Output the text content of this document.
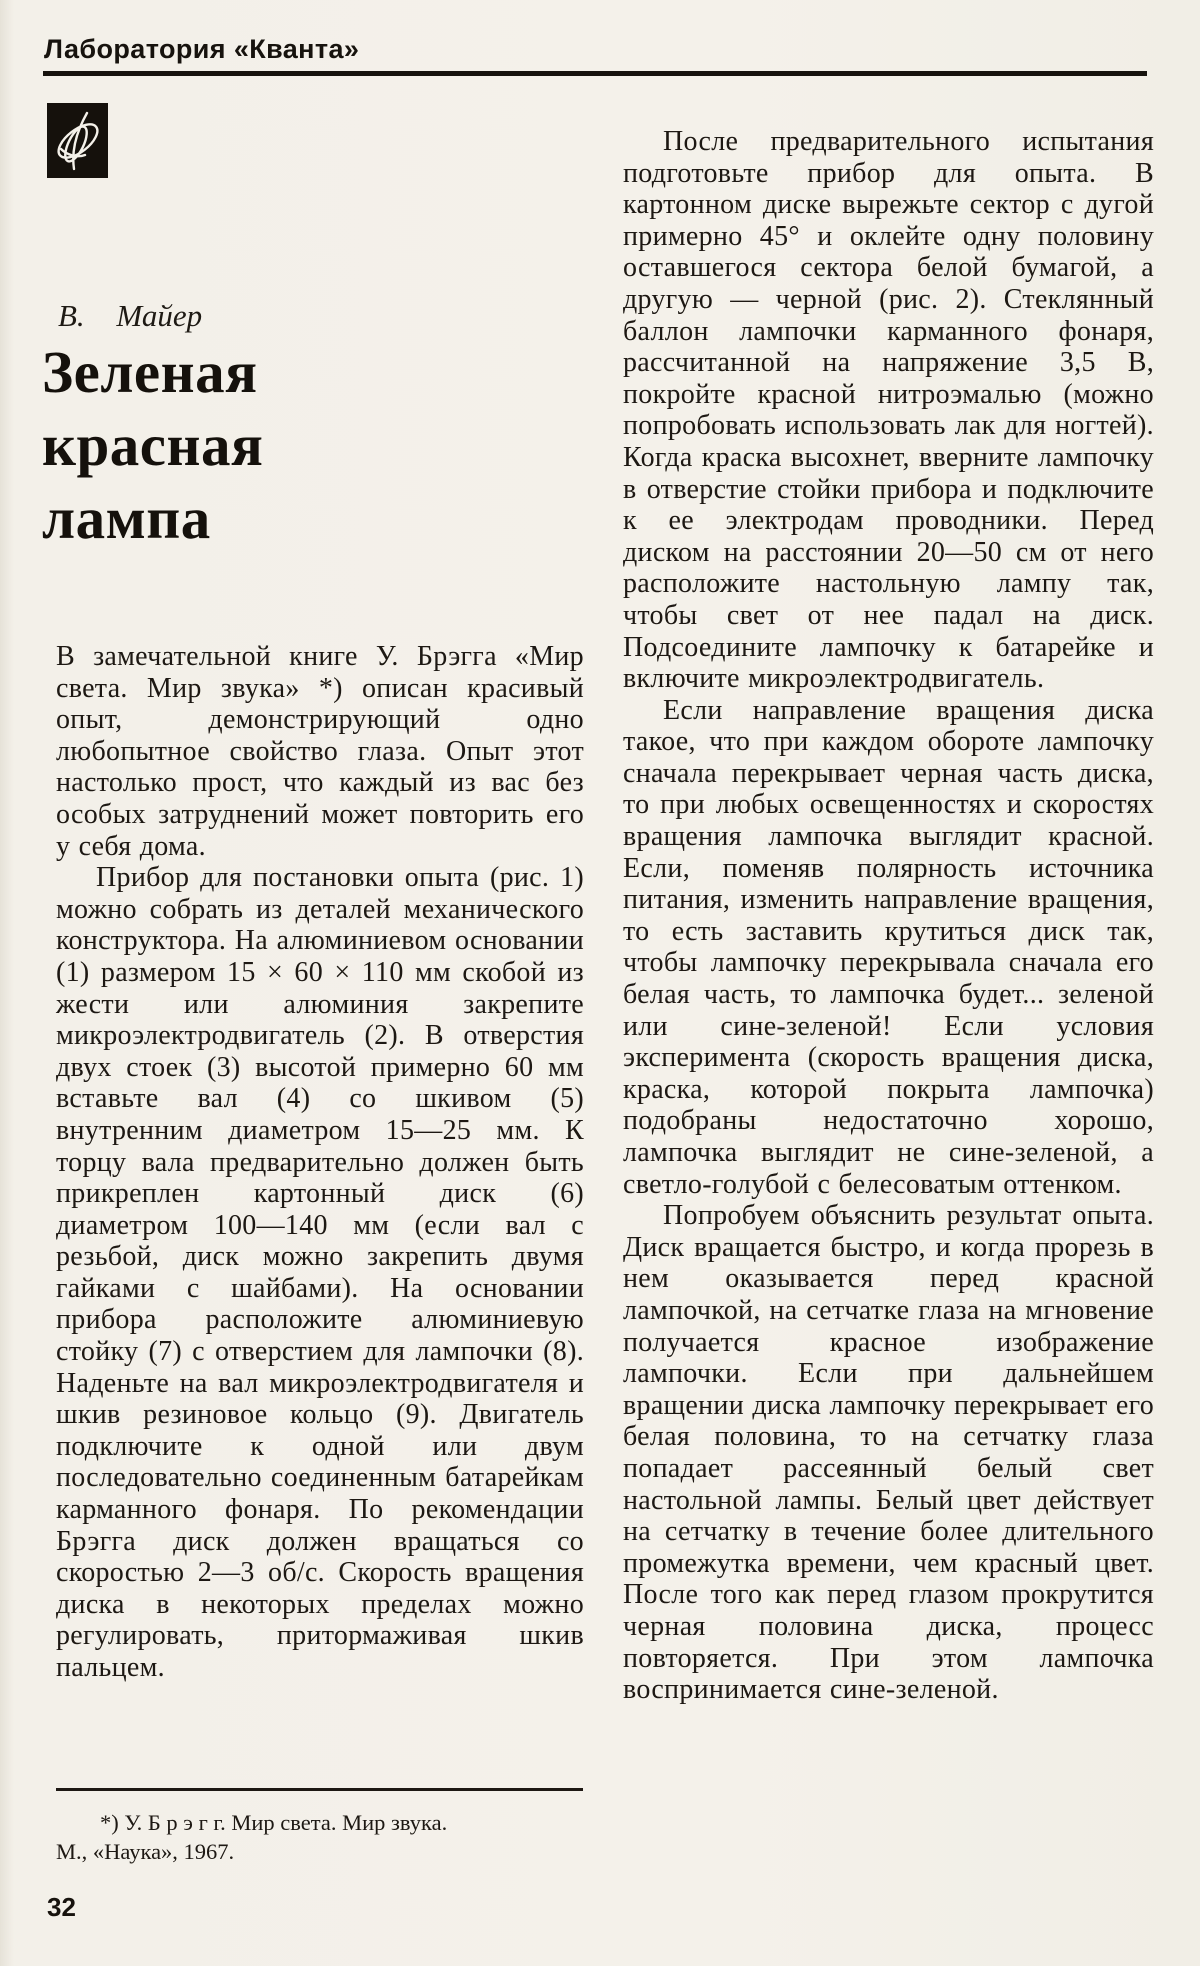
Лаборатория «Кванта»
В. Майер
Зеленая
красная
лампа

В замечательной книге У. Брэгга «Мир света. Мир звука» *) описан красивый опыт, демонстрирующий одно любопытное свойство глаза. Опыт этот настолько прост, что каждый из вас без особых затруднений может повторить его у себя дома.

Прибор для постановки опыта (рис. 1) можно собрать из деталей механического конструктора. На алюминиевом основании (1) размером 15 × 60 × 110 мм скобой из жести или алюминия закрепите микроэлектродвигатель (2). В отверстия двух стоек (3) высотой примерно 60 мм вставьте вал (4) со шкивом (5) внутренним диаметром 15—25 мм. К торцу вала предварительно должен быть прикреплен картонный диск (6) диаметром 100—140 мм (если вал с резьбой, диск можно закрепить двумя гайками с шайбами). На основании прибора расположите алюминиевую стойку (7) с отверстием для лампочки (8). Наденьте на вал микроэлектродвигателя и шкив резиновое кольцо (9). Двигатель подключите к одной или двум последовательно соединенным батарейкам карманного фонаря. По рекомендации Брэгга диск должен вращаться со скоростью 2—3 об/с. Скорость вращения диска в некоторых пределах можно регулировать, притормаживая шкив пальцем.

После предварительного испытания подготовьте прибор для опыта. В картонном диске вырежьте сектор с дугой примерно 45° и оклейте одну половину оставшегося сектора белой бумагой, а другую — черной (рис. 2). Стеклянный баллон лампочки карманного фонаря, рассчитанной на напряжение 3,5 В, покройте красной нитроэмалью (можно попробовать использовать лак для ногтей). Когда краска высохнет, вверните лампочку в отверстие стойки прибора и подключите к ее электродам проводники. Перед диском на расстоянии 20—50 см от него расположите настольную лампу так, чтобы свет от нее падал на диск. Подсоедините лампочку к батарейке и включите микроэлектродвигатель.

Если направление вращения диска такое, что при каждом обороте лампочку сначала перекрывает черная часть диска, то при любых освещенностях и скоростях вращения лампочка выглядит красной. Если, поменяв полярность источника питания, изменить направление вращения, то есть заставить крутиться диск так, чтобы лампочку перекрывала сначала его белая часть, то лампочка будет... зеленой или сине-зеленой! Если условия эксперимента (скорость вращения диска, краска, которой покрыта лампочка) подобраны недостаточно хорошо, лампочка выглядит не сине-зеленой, а светло-голубой с белесоватым оттенком.

Попробуем объяснить результат опыта. Диск вращается быстро, и когда прорезь в нем оказывается перед красной лампочкой, на сетчатке глаза на мгновение получается красное изображение лампочки. Если при дальнейшем вращении диска лампочку перекрывает его белая половина, то на сетчатку глаза попадает рассеянный белый свет настольной лампы. Белый цвет действует на сетчатку в течение более длительного промежутка времени, чем красный цвет. После того как перед глазом прокрутится черная половина диска, процесс повторяется. При этом лампочка воспринимается сине-зеленой.

*) У. Б р э г г. Мир света. Мир звука.
М., «Наука», 1967.
32
